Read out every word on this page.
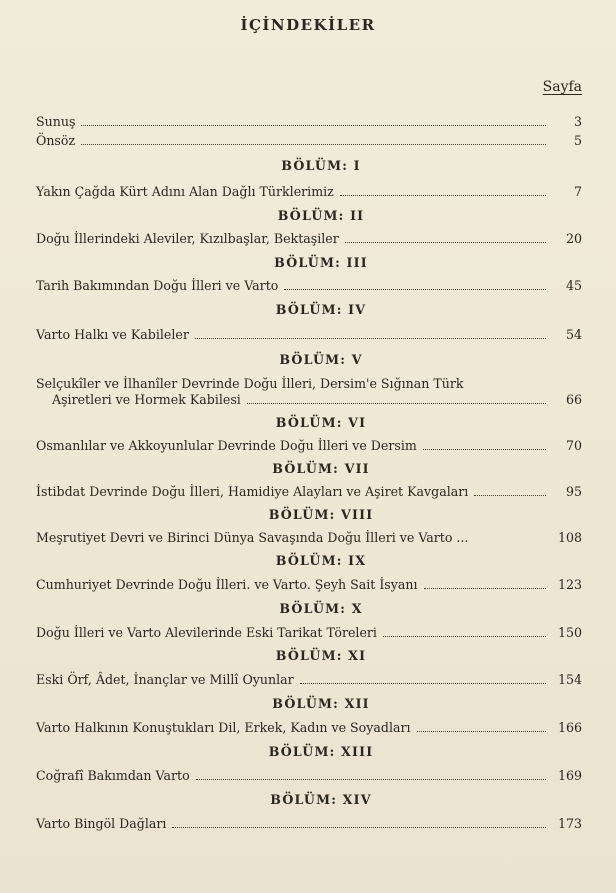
İÇİNDEKİLER
Sayfa
Sunuş	3
Önsöz	5
BÖLÜM: I
Yakın Çağda Kürt Adını Alan Dağlı Türklerimiz	7
BÖLÜM: II
Doğu İllerindeki Aleviler, Kızılbaşlar, Bektaşiler	20
BÖLÜM: III
Tarih Bakımından Doğu İlleri ve Varto	45
BÖLÜM: IV
Varto Halkı ve Kabileler	54
BÖLÜM: V
Selçukîler ve İlhanîler Devrinde Doğu İlleri, Dersim'e Sığınan Türk
Aşiretleri ve Hormek Kabilesi	66
BÖLÜM: VI
Osmanlılar ve Akkoyunlular Devrinde Doğu İlleri ve Dersim	70
BÖLÜM: VII
İstibdat Devrinde Doğu İlleri, Hamidiye Alayları ve Aşiret Kavgaları	95
BÖLÜM: VIII
Meşrutiyet Devri ve Birinci Dünya Savaşında Doğu İlleri ve Varto ...	108
BÖLÜM: IX
Cumhuriyet Devrinde Doğu İlleri. ve Varto. Şeyh Sait İsyanı	123
BÖLÜM: X
Doğu İlleri ve Varto Alevilerinde Eski Tarikat Töreleri	150
BÖLÜM: XI
Eski Örf, Âdet, İnançlar ve Millî Oyunlar	154
BÖLÜM: XII
Varto Halkının Konuştukları Dil, Erkek, Kadın ve Soyadları	166
BÖLÜM: XIII
Coğrafî Bakımdan Varto	169
BÖLÜM: XIV
Varto Bingöl Dağları	173
